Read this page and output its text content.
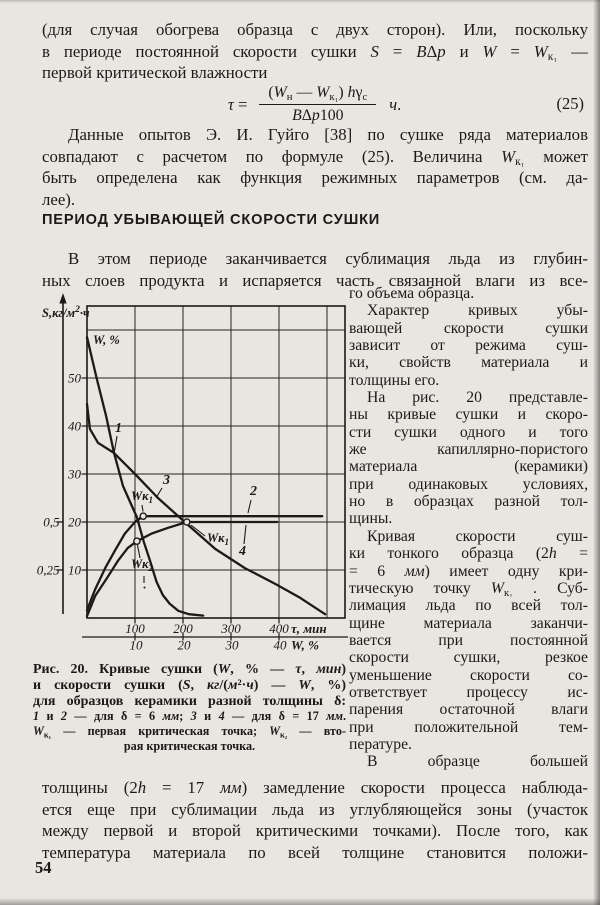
(для случая обогрева образца с двух сторон). Или, поскольку
в периоде постоянной скорости сушки S = BΔp и $W = W_{к_1}$ —
первой критической влажности
$\tau = \frac{(W_н — W_{к_1}) h\gamma_с}{\text{BΔp100}} ч$.	(25)
Данные опытов Э. И. Гуйго [38] по сушке ряда материалов
совпадают с расчетом по формуле (25). Величина $W_{к_1}$ может
быть определена как функция режимных параметров (см. да-
лее).
ПЕРИОД УБЫВАЮЩЕЙ СКОРОСТИ СУШКИ
В этом периоде заканчивается сублимация льда из глубин-
ных слоев продукта и испаряется часть связанной влаги из все-
го объема образца.
Характер кривых убы-
вающей скорости сушки
зависит от режима суш-
ки, свойств материала и
толщины его.
На рис. 20 представле-
ны кривые сушки и скоро-
сти сушки одного и того
же капиллярно-пористого
материала (керамики)
при одинаковых условиях,
но в образцах разной тол-
щины.
Кривая скорости суш-
ки тонкого образца (2h =
= 6 мм) имеет одну кри-
тическую точку $W_{к_1}$ . Суб-
лимация льда по всей тол-
щине материала заканчи-
вается при постоянной
скорости сушки, резкое
уменьшение скорости со-
ответствует процессу ис-
парения остаточной влаги
при положительной тем-
пературе.
В образце большей
$S,кг/м^2\cdot ч$
W, %
τ, мин
W, %
100 200 300 400
10	20	30	40
10
20
30
40
50
0,25
0,5
1
3
2
4
$Wк_1$
$Wк_1$
$Wк_2$
Рис. 20. Кривые сушки (W, % — τ, мин)
и скорости сушки (S, кг/(м²·ч) — W, %)
для образцов керамики разной толщины δ:
1 и 2 — для δ = 6 мм; 3 и 4 — для δ = 17 мм.
$W_{к_1}$ — первая критическая точка; $W_{к_2}$ — вто-
рая критическая точка.
толщины (2h = 17 мм) замедление скорости процесса наблюда-
ется еще при сублимации льда из углубляющейся зоны (участок
между первой и второй критическими точками). После того, как
температура материала по всей толщине становится положи-
54
